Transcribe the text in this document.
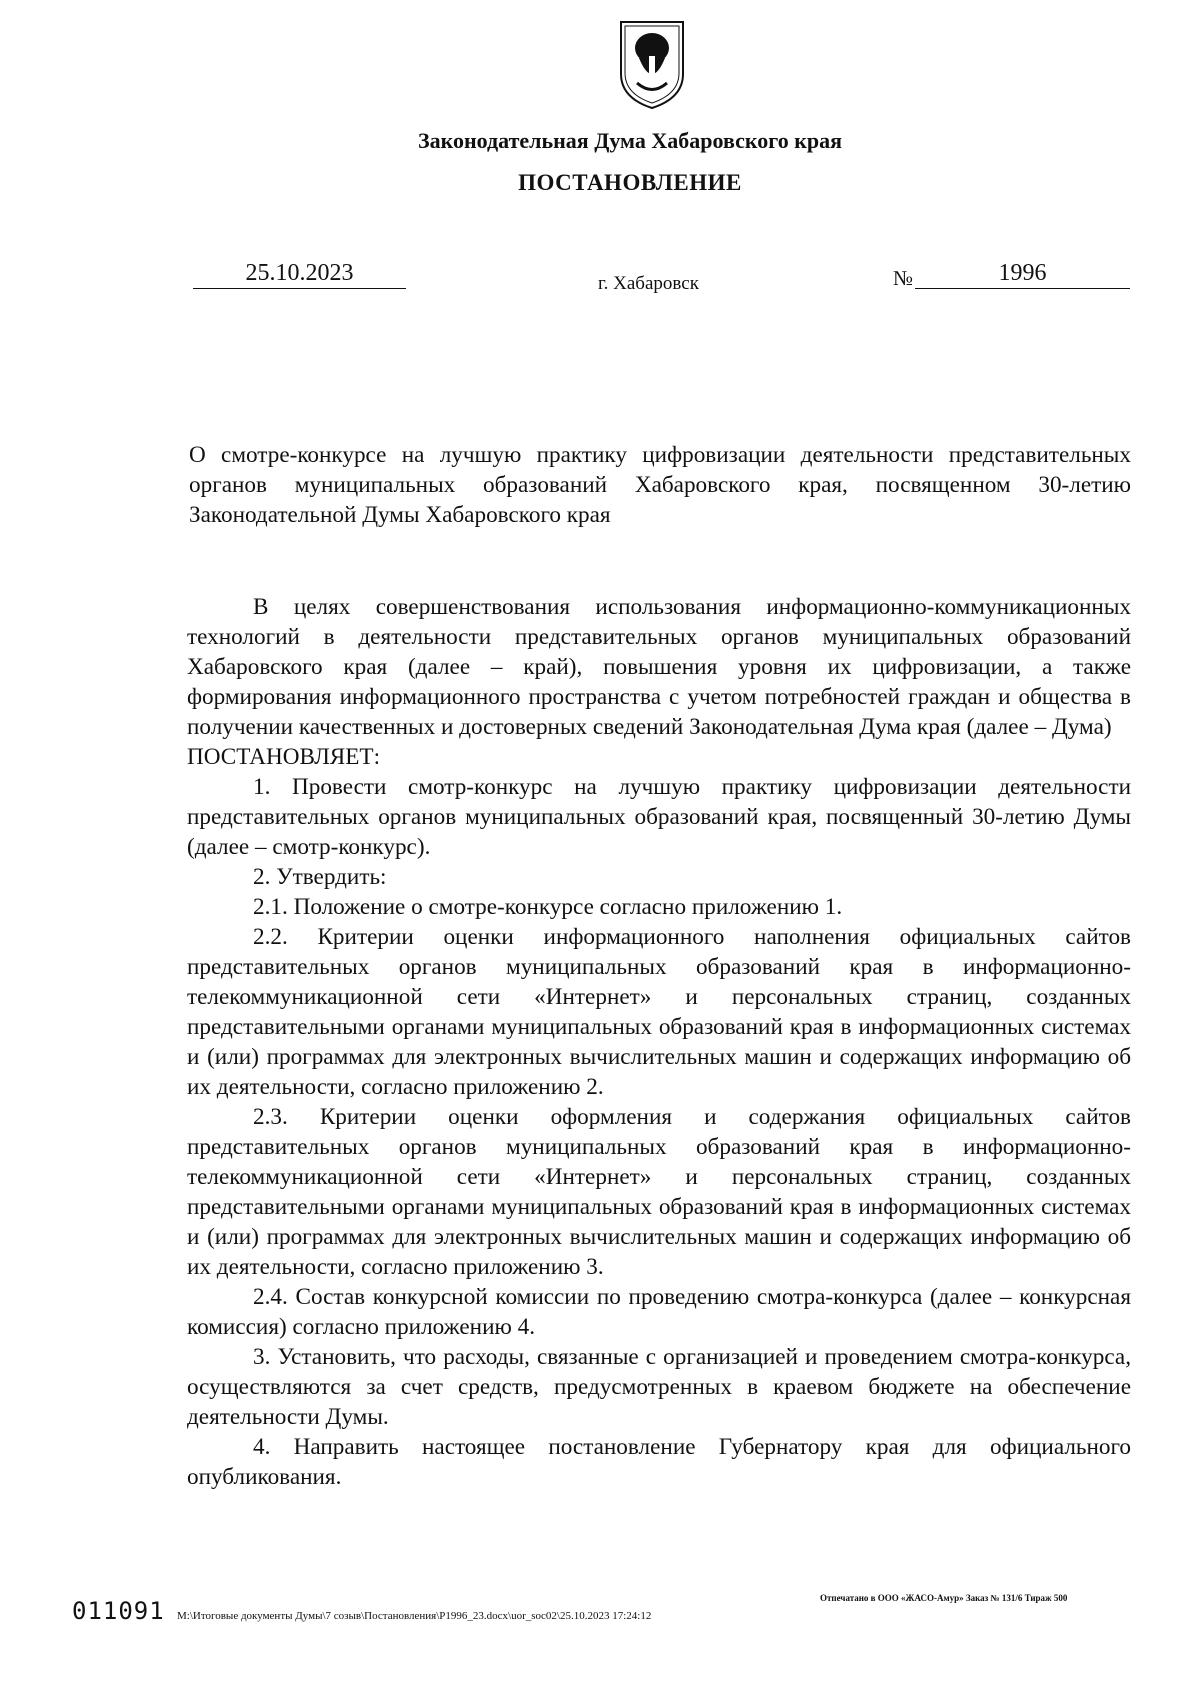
Законодательная Дума Хабаровского края
ПОСТАНОВЛЕНИЕ
25.10.2023	г. Хабаровск	№	1996
О смотре-конкурсе на лучшую практику цифровизации деятельности представительных органов муниципальных образований Хабаровского края, посвященном 30-летию Законодательной Думы Хабаровского края

В целях совершенствования использования информационно-коммуникационных технологий в деятельности представительных органов муниципальных образований Хабаровского края (далее – край), повышения уровня их цифровизации, а также формирования информационного пространства с учетом потребностей граждан и общества в получении качественных и достоверных сведений Законодательная Дума края (далее – Дума)

ПОСТАНОВЛЯЕТ:

1. Провести смотр-конкурс на лучшую практику цифровизации деятельности представительных органов муниципальных образований края, посвященный 30-летию Думы (далее – смотр-конкурс).

2. Утвердить:

2.1. Положение о смотре-конкурсе согласно приложению 1.

2.2. Критерии оценки информационного наполнения официальных сайтов представительных органов муниципальных образований края в информационно-телекоммуникационной сети «Интернет» и персональных страниц, созданных представительными органами муниципальных образований края в информационных системах и (или) программах для электронных вычислительных машин и содержащих информацию об их деятельности, согласно приложению 2.

2.3. Критерии оценки оформления и содержания официальных сайтов представительных органов муниципальных образований края в информационно-телекоммуникационной сети «Интернет» и персональных страниц, созданных представительными органами муниципальных образований края в информационных системах и (или) программах для электронных вычислительных машин и содержащих информацию об их деятельности, согласно приложению 3.

2.4. Состав конкурсной комиссии по проведению смотра-конкурса (далее – конкурсная комиссия) согласно приложению 4.

3. Установить, что расходы, связанные с организацией и проведением смотра-конкурса, осуществляются за счет средств, предусмотренных в краевом бюджете на обеспечение деятельности Думы.

4. Направить настоящее постановление Губернатору края для официального опубликования.

011091 M:\Итоговые документы Думы\7 созыв\Постановления\P1996_23.docx\uor_soc02\25.10.2023 17:24:12
Отпечатано в ООО «ЖАСО-Амур» Заказ № 131/6 Тираж 500
